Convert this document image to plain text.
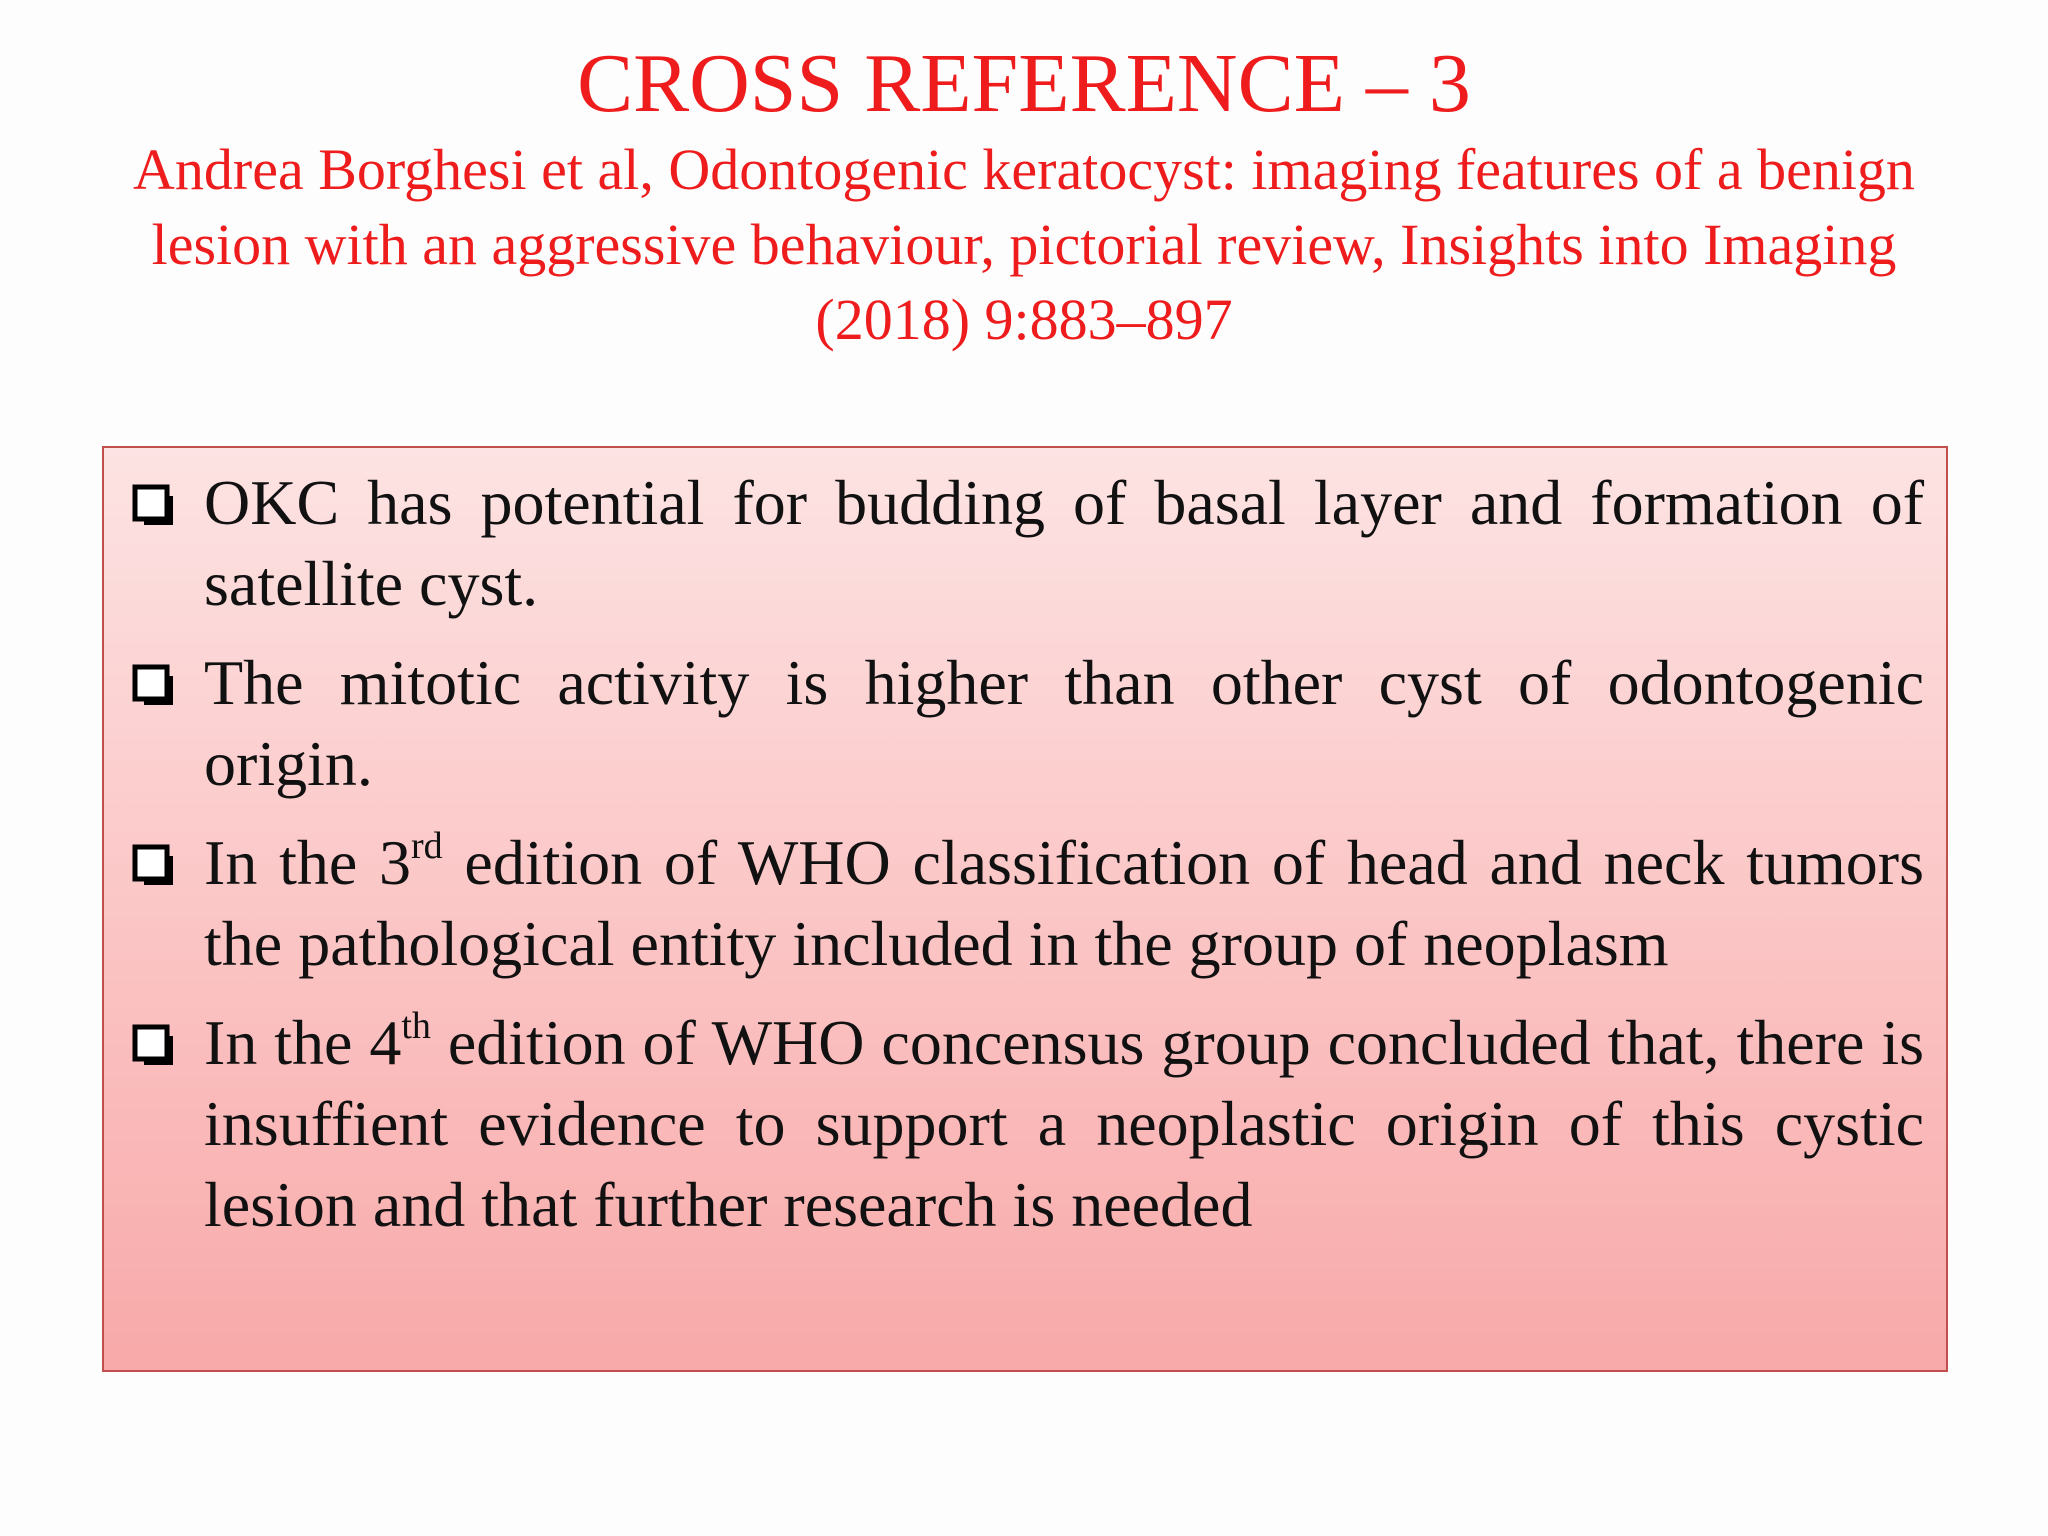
CROSS REFERENCE – 3

Andrea Borghesi et al, Odontogenic keratocyst: imaging features of a benign lesion with an aggressive behaviour, pictorial review, Insights into Imaging (2018) 9:883–897

OKC has potential for budding of basal layer and formation of satellite cyst.
The mitotic activity is higher than other cyst of odontogenic origin.
In the 3rd edition of WHO classification of head and neck tumors the pathological entity included in the group of neoplasm
In the 4th edition of WHO concensus group concluded that, there is insuffient evidence to support a neoplastic origin of this cystic lesion and that further research is needed
